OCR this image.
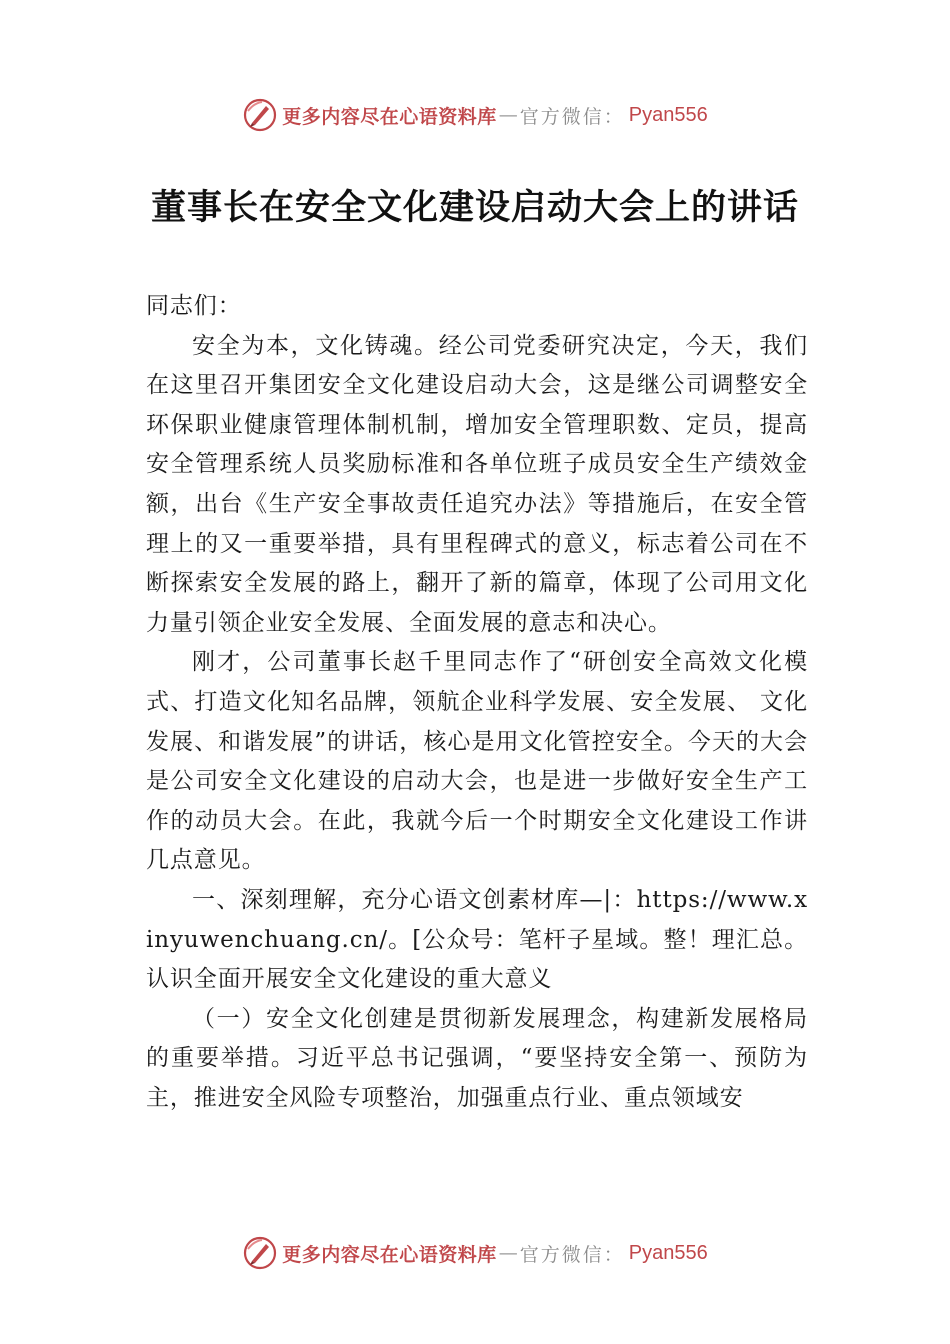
更多内容尽在心语资料库 — 官方微信： Pyan556
董事长在安全文化建设启动大会上的讲话

同志们：

安全为本，文化铸魂。经公司党委研究决定，今天，我们在这里召开集团安全文化建设启动大会，这是继公司调整安全环保职业健康管理体制机制，增加安全管理职数、定员，提高安全管理系统人员奖励标准和各单位班子成员安全生产绩效金额，出台《生产安全事故责任追究办法》等措施后，在安全管理上的又一重要举措，具有里程碑式的意义，标志着公司在不断探索安全发展的路上，翻开了新的篇章，体现了公司用文化力量引领企业安全发展、全面发展的意志和决心。

刚才，公司董事长赵千里同志作了“研创安全高效文化模式、打造文化知名品牌，领航企业科学发展、安全发展、 文化发展、和谐发展”的讲话，核心是用文化管控安全。今天的大会是公司安全文化建设的启动大会，也是进一步做好安全生产工作的动员大会。在此，我就今后一个时期安全文化建设工作讲几点意见。

一、深刻理解，充分心语文创素材库—|：https://www.xinyuwenchuang.cn/。[公众号：笔杆子星域。整！理汇总。认识全面开展安全文化建设的重大意义

（一）安全文化创建是贯彻新发展理念，构建新发展格局的重要举措。习近平总书记强调，“要坚持安全第一、预防为主，推进安全风险专项整治，加强重点行业、重点领域安

更多内容尽在心语资料库 — 官方微信： Pyan556
